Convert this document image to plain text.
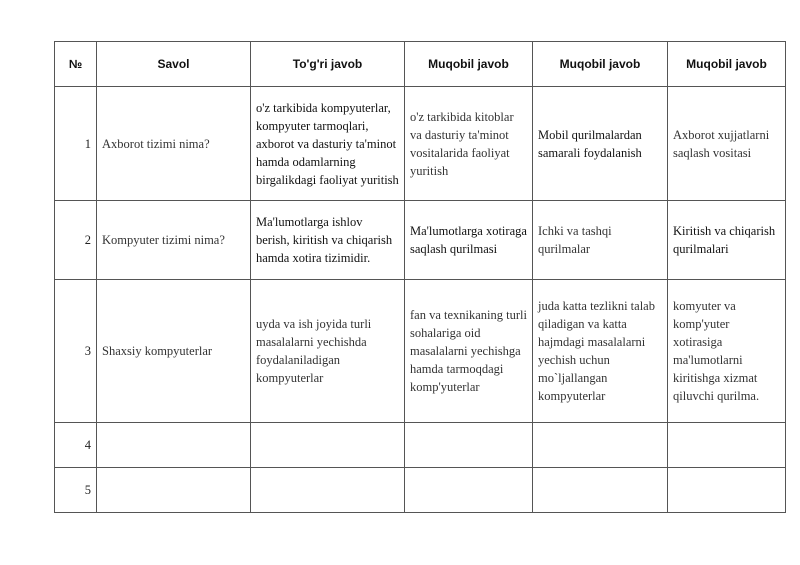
№	Savol	To'g'ri javob	Muqobil javob	Muqobil javob	Muqobil javob
1	Axborot tizimi nima?	o'z tarkibida kompyuterlar, kompyuter tarmoqlari, axborot va dasturiy ta'minot hamda odamlarning birgalikdagi faoliyat yuritish	o'z tarkibida kitoblar va dasturiy ta'minot vositalarida faoliyat yuritish	Mobil qurilmalardan samarali foydalanish	Axborot xujjatlarni saqlash vositasi
2	Kompyuter tizimi nima?	Ma'lumotlarga ishlov berish, kiritish va chiqarish hamda xotira tizimidir.	Ma'lumotlarga xotiraga saqlash qurilmasi	Ichki va tashqi qurilmalar	Kiritish va chiqarish qurilmalari
3	Shaxsiy kompyuterlar	uyda va ish joyida turli masalalarni yechishda foydalaniladigan kompyuterlar	fan va texnikaning turli sohalariga oid masalalarni yechishga hamda tarmoqdagi komp'yuterlar	juda katta tezlikni talab qiladigan va katta hajmdagi masalalarni yechish uchun mo`ljallangan kompyuterlar	komyuter va komp'yuter xotirasiga ma'lumotlarni kiritishga xizmat qiluvchi qurilma.
4					
5					
